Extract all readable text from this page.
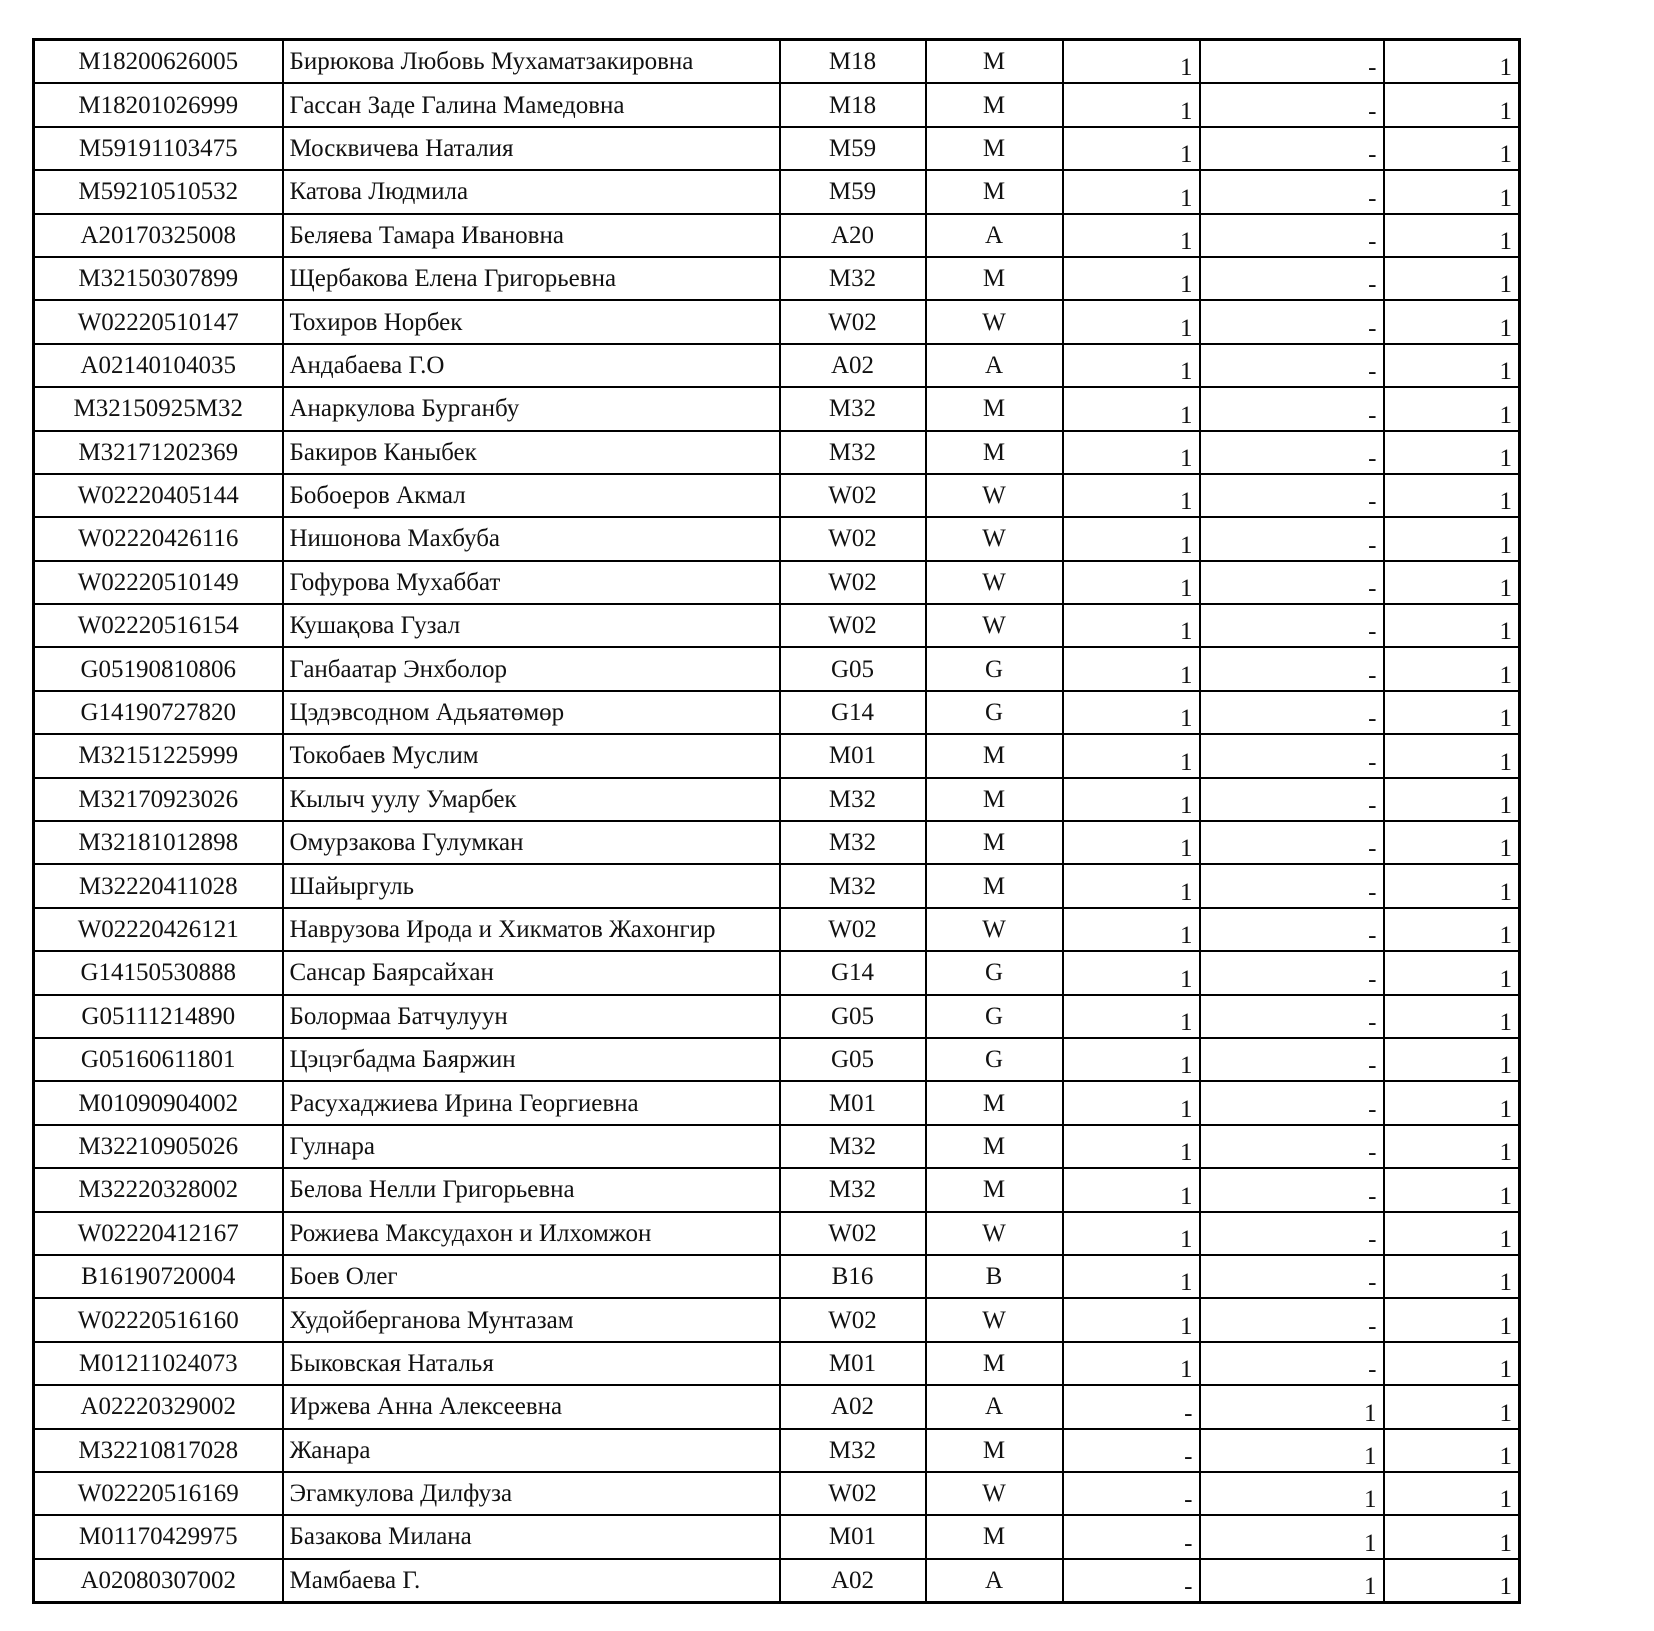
M18200626005	Бирюкова Любовь Мухаматзакировна	M18	M	1	-	1
M18201026999	Гассан Заде Галина Мамедовна	M18	M	1	-	1
M59191103475	Москвичева Наталия	M59	M	1	-	1
M59210510532	Катова Людмила	M59	M	1	-	1
A20170325008	Беляева Тамара Ивановна	A20	A	1	-	1
M32150307899	Щербакова Елена Григорьевна	M32	M	1	-	1
W02220510147	Тохиров Норбек	W02	W	1	-	1
A02140104035	Андабаева Г.О	A02	A	1	-	1
M32150925M32	Анаркулова Бурганбу	M32	M	1	-	1
M32171202369	Бакиров Каныбек	M32	M	1	-	1
W02220405144	Бобоеров Акмал	W02	W	1	-	1
W02220426116	Нишонова Махбуба	W02	W	1	-	1
W02220510149	Гофурова Мухаббат	W02	W	1	-	1
W02220516154	Кушақова Гузал	W02	W	1	-	1
G05190810806	Ганбаатар Энхболор	G05	G	1	-	1
G14190727820	Цэдэвсодном Адьяатөмөр	G14	G	1	-	1
M32151225999	Токобаев Муслим	M01	M	1	-	1
M32170923026	Кылыч уулу Умарбек	M32	M	1	-	1
M32181012898	Омурзакова Гулумкан	M32	M	1	-	1
M32220411028	Шайыргуль	M32	M	1	-	1
W02220426121	Наврузова Ирода и Хикматов Жахонгир	W02	W	1	-	1
G14150530888	Сансар Баярсайхан	G14	G	1	-	1
G05111214890	Болормаа Батчулуун	G05	G	1	-	1
G05160611801	Цэцэгбадма Баяржин	G05	G	1	-	1
M01090904002	Расухаджиева Ирина Георгиевна	M01	M	1	-	1
M32210905026	Гулнара	M32	M	1	-	1
M32220328002	Белова Нелли Григорьевна	M32	M	1	-	1
W02220412167	Рожиева Максудахон и Илхомжон	W02	W	1	-	1
B16190720004	Боев Олег	B16	B	1	-	1
W02220516160	Худойберганова Мунтазам	W02	W	1	-	1
M01211024073	Быковская Наталья	M01	M	1	-	1
A02220329002	Иржева Анна Алексеевна	A02	A	-	1	1
M32210817028	Жанара	M32	M	-	1	1
W02220516169	Эгамкулова Дилфуза	W02	W	-	1	1
M01170429975	Базакова Милана	M01	M	-	1	1
A02080307002	Мамбаева Г.	A02	A	-	1	1
